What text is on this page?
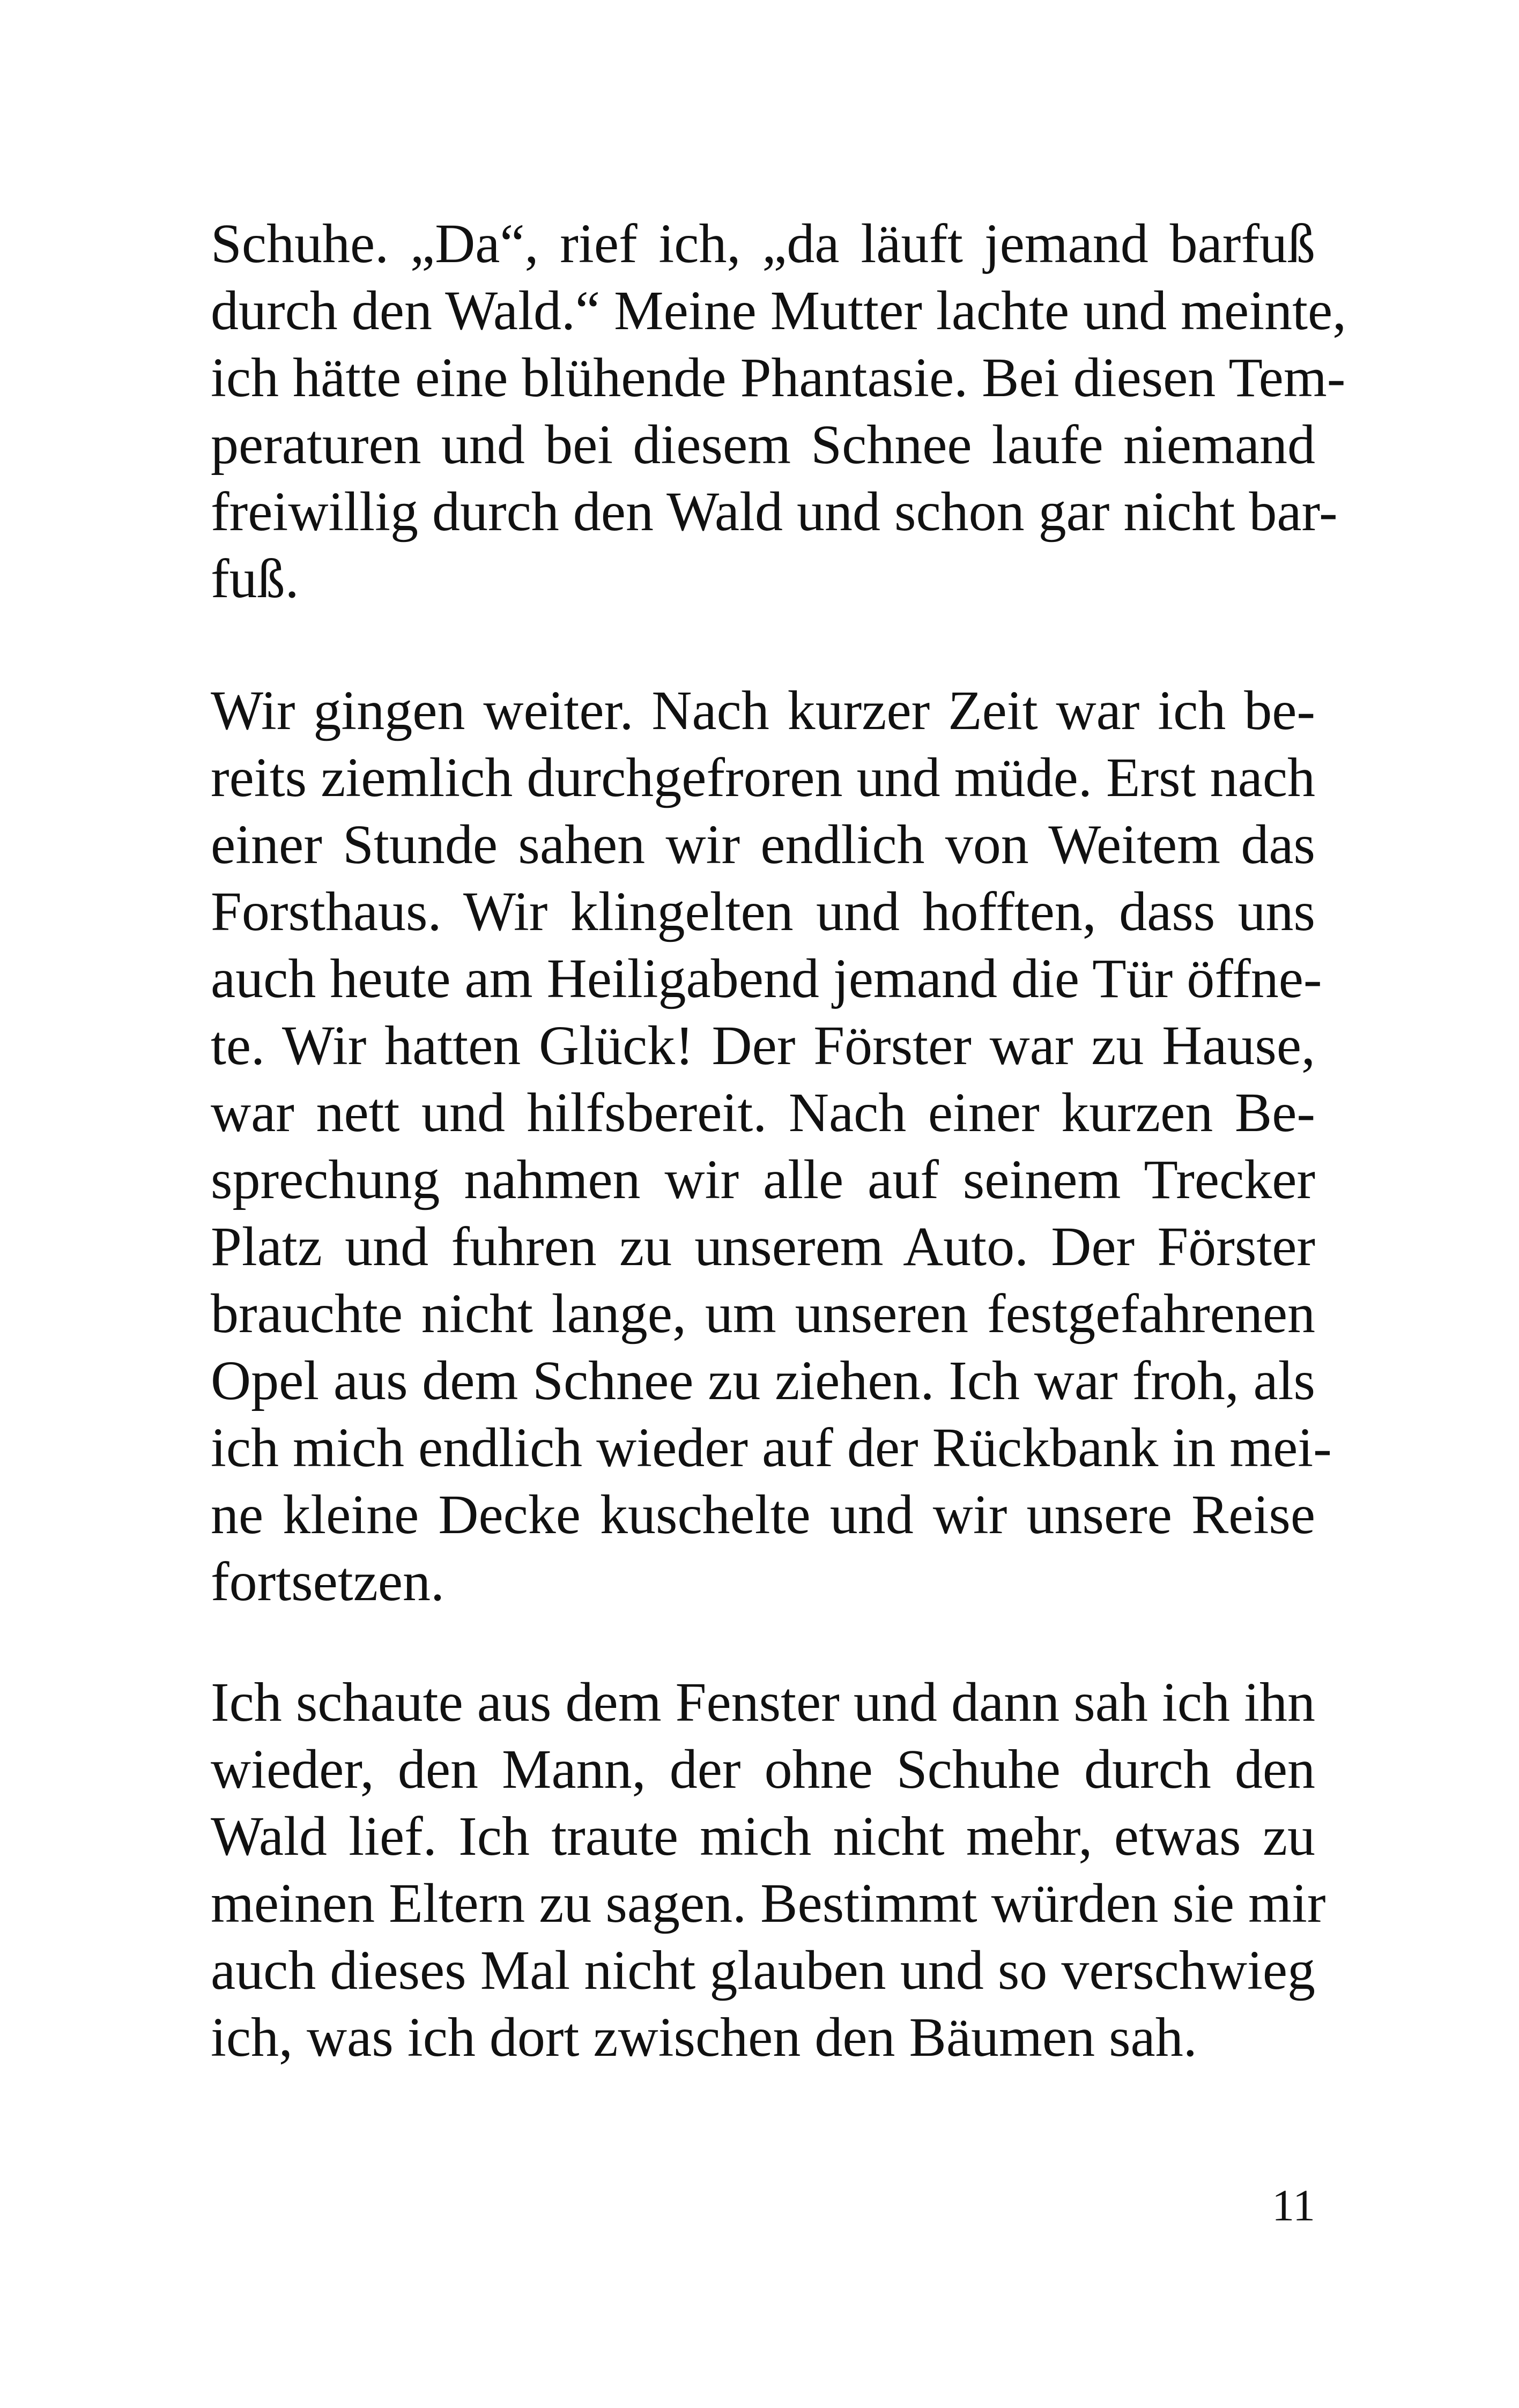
Schuhe. „Da“, rief ich, „da läuft jemand barfuß
durch den Wald.“ Meine Mutter lachte und meinte,
ich hätte eine blühende Phantasie. Bei diesen Tem-
peraturen und bei diesem Schnee laufe niemand
freiwillig durch den Wald und schon gar nicht bar-
fuß.
Wir gingen weiter. Nach kurzer Zeit war ich be-
reits ziemlich durchgefroren und müde. Erst nach
einer Stunde sahen wir endlich von Weitem das
Forsthaus. Wir klingelten und hofften, dass uns
auch heute am Heiligabend jemand die Tür öffne-
te. Wir hatten Glück! Der Förster war zu Hause,
war nett und hilfsbereit. Nach einer kurzen Be-
sprechung nahmen wir alle auf seinem Trecker
Platz und fuhren zu unserem Auto. Der Förster
brauchte nicht lange, um unseren festgefahrenen
Opel aus dem Schnee zu ziehen. Ich war froh, als
ich mich endlich wieder auf der Rückbank in mei-
ne kleine Decke kuschelte und wir unsere Reise
fortsetzen.
Ich schaute aus dem Fenster und dann sah ich ihn
wieder, den Mann, der ohne Schuhe durch den
Wald lief. Ich traute mich nicht mehr, etwas zu
meinen Eltern zu sagen. Bestimmt würden sie mir
auch dieses Mal nicht glauben und so verschwieg
ich, was ich dort zwischen den Bäumen sah.
11
